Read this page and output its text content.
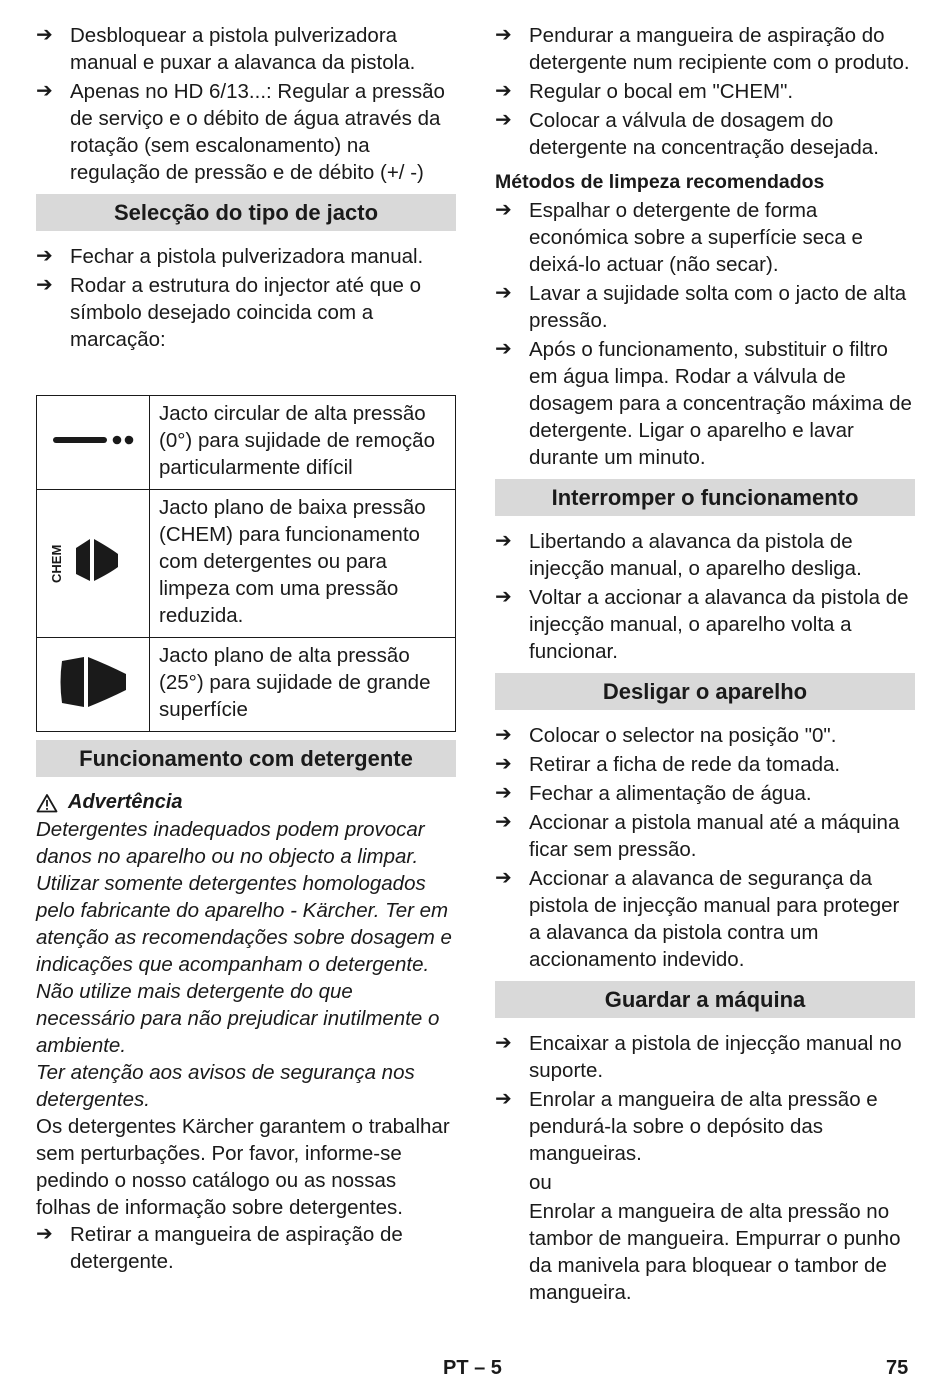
➔ Desbloquear a pistola pulverizadora manual e puxar a alavanca da pistola.
➔ Apenas no HD 6/13...: Regular a pressão de serviço e o débito de água através da rotação (sem escalonamento) na regulação de pressão e de débito (+/ -)
Selecção do tipo de jacto
➔ Fechar a pistola pulverizadora manual.
➔ Rodar a estrutura do injector até que o símbolo desejado coincida com a marcação:
	Jacto circular de alta pressão (0°) para sujidade de remoção particularmente difícil

CHEM	Jacto plano de baixa pressão (CHEM) para funcionamento com detergentes ou para limpeza com uma pressão reduzida.
	Jacto plano de alta pressão (25°) para sujidade de grande superfície
Funcionamento com detergente
Advertência

Detergentes inadequados podem provocar danos no aparelho ou no objecto a limpar. Utilizar somente detergentes homologados pelo fabricante do aparelho - Kärcher. Ter em atenção as recomendações sobre dosagem e indicações que acompanham o detergente. Não utilize mais detergente do que necessário para não prejudicar inutilmente o ambiente.

Ter atenção aos avisos de segurança nos detergentes.

Os detergentes Kärcher garantem o trabalhar sem perturbações. Por favor, informe-se pedindo o nosso catálogo ou as nossas folhas de informação sobre detergentes.

➔ Retirar a mangueira de aspiração de detergente.
➔ Pendurar a mangueira de aspiração do detergente num recipiente com o produto.
➔ Regular o bocal em "CHEM".
➔ Colocar a válvula de dosagem do detergente na concentração desejada.
Métodos de limpeza recomendados
➔ Espalhar o detergente de forma económica sobre a superfície seca e deixá-lo actuar (não secar).
➔ Lavar a sujidade solta com o jacto de alta pressão.
➔ Após o funcionamento, substituir o filtro em água limpa. Rodar a válvula de dosagem para a concentração máxima de detergente. Ligar o aparelho e lavar durante um minuto.
Interromper o funcionamento
➔ Libertando a alavanca da pistola de injecção manual, o aparelho desliga.
➔ Voltar a accionar a alavanca da pistola de injecção manual, o aparelho volta a funcionar.
Desligar o aparelho
➔ Colocar o selector na posição "0".
➔ Retirar a ficha de rede da tomada.
➔ Fechar a alimentação de água.
➔ Accionar a pistola manual até a máquina ficar sem pressão.
➔ Accionar a alavanca de segurança da pistola de injecção manual para proteger a alavanca da pistola contra um accionamento indevido.
Guardar a máquina
➔ Encaixar a pistola de injecção manual no suporte.
➔ Enrolar a mangueira de alta pressão e pendurá-la sobre o depósito das mangueiras.
ou
Enrolar a mangueira de alta pressão no tambor de mangueira. Empurrar o punho da manivela para bloquear o tambor de mangueira.
PT – 5	75
